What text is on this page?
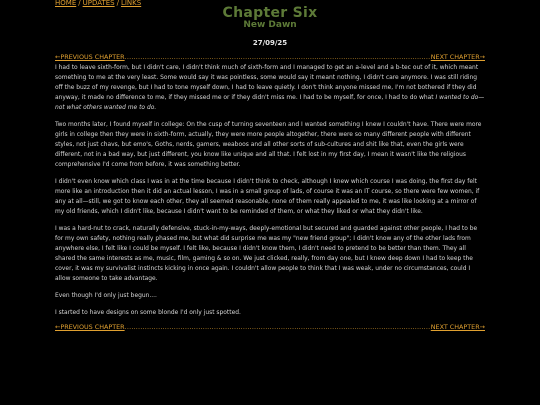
HOME / UPDATES / LINKS
Chapter Six
New Dawn
27/09/25
←PREVIOUS CHAPTER .....	NEXT CHAPTER→

I had to leave sixth-form, but I didn't care, I didn't think much of sixth-form and I managed to get an a-level and a b-tec out of it, which meant something to me at the very least. Some would say it was pointless, some would say it meant nothing, I didn't care anymore. I was still riding off the buzz of my revenge, but I had to tone myself down, I had to leave quietly. I don't think anyone missed me, I'm not bothered if they did anyway, it made no difference to me, if they missed me or if they didn't miss me. I had to be myself, for once, I had to do what I wanted to do—not what others wanted me to do.

Two months later, I found myself in college: On the cusp of turning seventeen and I wanted something I knew I couldn't have. There were more girls in college then they were in sixth-form, actually, they were more people altogether, there were so many different people with different styles, not just chavs, but emo's, Goths, nerds, gamers, weaboos and all other sorts of sub-cultures and shit like that, even the girls were different, not in a bad way, but just different, you know like unique and all that. I felt lost in my first day, I mean it wasn't like the religious comprehensive I'd come from before, it was something better.

I didn't even know which class I was in at the time because I didn't think to check, although I knew which course I was doing, the first day felt more like an introduction then it did an actual lesson, I was in a small group of lads, of course it was an IT course, so there were few women, if any at all—still, we got to know each other, they all seemed reasonable, none of them really appealed to me, it was like looking at a mirror of my old friends, which I didn't like, because I didn't want to be reminded of them, or what they liked or what they didn't like.

I was a hard-nut to crack, naturally defensive, stuck-in-my-ways, deeply-emotional but secured and guarded against other people, I had to be for my own safety, nothing really phased me, but what did surprise me was my "new friend group"; I didn't know any of the other lads from anywhere else, I felt like I could be myself. I felt like, because I didn't know them, I didn't need to pretend to be better than them. They all shared the same interests as me, music, film, gaming & so on. We just clicked, really, from day one, but I knew deep down I had to keep the cover, it was my survivalist instincts kicking in once again. I couldn't allow people to think that I was weak, under no circumstances, could I allow someone to take advantage.

Even though I'd only just begun....

I started to have designs on some blonde I'd only just spotted.

←PREVIOUS CHAPTER .....	NEXT CHAPTER→
